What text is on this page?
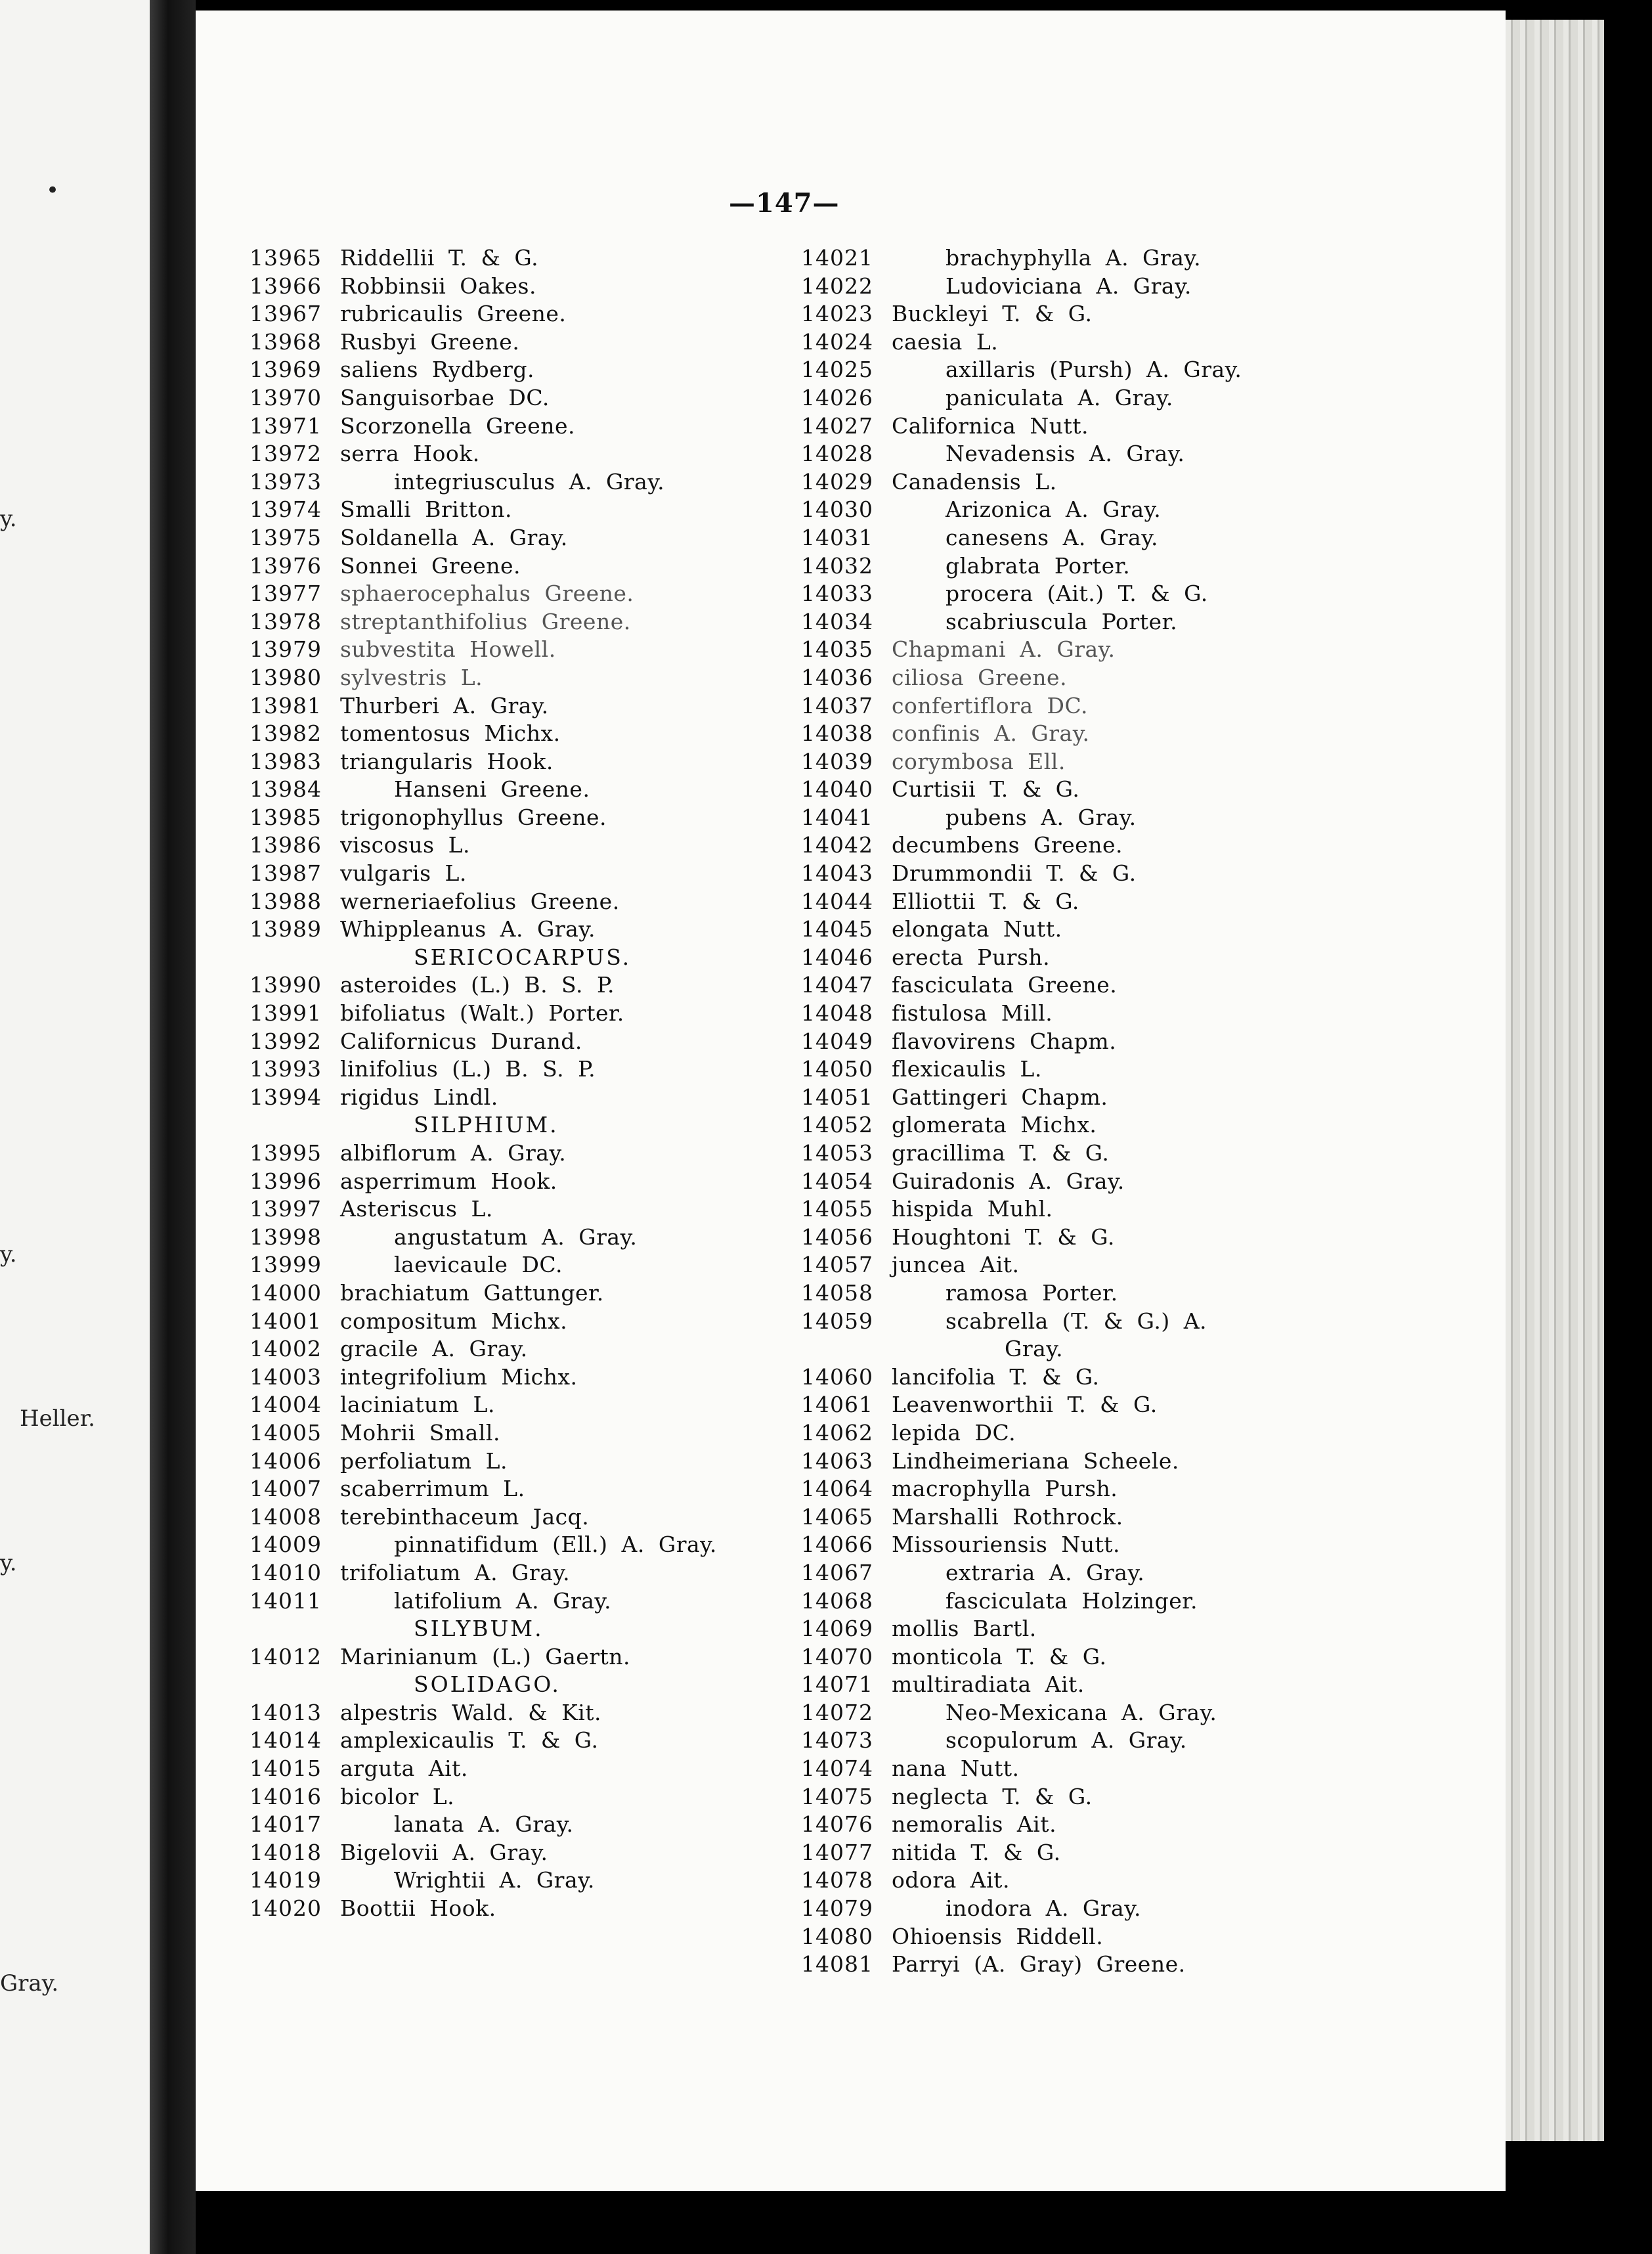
•
y.
y.
Heller.
y.
Gray.
—147—
13965 Riddellii T. & G.
13966 Robbinsii Oakes.
13967 rubricaulis Greene.
13968 Rusbyi Greene.
13969 saliens Rydberg.
13970 Sanguisorbae DC.
13971 Scorzonella Greene.
13972 serra Hook.
13973	integriusculus A. Gray.
13974 Smalli Britton.
13975 Soldanella A. Gray.
13976 Sonnei Greene.
13977 sphaerocephalus Greene.
13978 streptanthifolius Greene.
13979 subvestita Howell.
13980 sylvestris L.
13981 Thurberi A. Gray.
13982 tomentosus Michx.
13983 triangularis Hook.
13984	Hanseni Greene.
13985 trigonophyllus Greene.
13986 viscosus L.
13987 vulgaris L.
13988 werneriaefolius Greene.
13989 Whippleanus A. Gray.
SERICOCARPUS.
13990 asteroides (L.) B. S. P.
13991 bifoliatus (Walt.) Porter.
13992 Californicus Durand.
13993 linifolius (L.) B. S. P.
13994 rigidus Lindl.
SILPHIUM.
13995 albiflorum A. Gray.
13996 asperrimum Hook.
13997 Asteriscus L.
13998	angustatum A. Gray.
13999	laevicaule DC.
14000 brachiatum Gattunger.
14001 compositum Michx.
14002 gracile A. Gray.
14003 integrifolium Michx.
14004 laciniatum L.
14005 Mohrii Small.
14006 perfoliatum L.
14007 scaberrimum L.
14008 terebinthaceum Jacq.
14009	pinnatifidum (Ell.) A. Gray.
14010 trifoliatum A. Gray.
14011	latifolium A. Gray.
SILYBUM.
14012 Marinianum (L.) Gaertn.
SOLIDAGO.
14013 alpestris Wald. & Kit.
14014 amplexicaulis T. & G.
14015 arguta Ait.
14016 bicolor L.
14017	lanata A. Gray.
14018 Bigelovii A. Gray.
14019	Wrightii A. Gray.
14020 Boottii Hook.
14021	brachyphylla A. Gray.
14022	Ludoviciana A. Gray.
14023 Buckleyi T. & G.
14024 caesia L.
14025	axillaris (Pursh) A. Gray.
14026	paniculata A. Gray.
14027 Californica Nutt.
14028	Nevadensis A. Gray.
14029 Canadensis L.
14030	Arizonica A. Gray.
14031	canesens A. Gray.
14032	glabrata Porter.
14033	procera (Ait.) T. & G.
14034	scabriuscula Porter.
14035 Chapmani A. Gray.
14036 ciliosa Greene.
14037 confertiflora DC.
14038 confinis A. Gray.
14039 corymbosa Ell.
14040 Curtisii T. & G.
14041	pubens A. Gray.
14042 decumbens Greene.
14043 Drummondii T. & G.
14044 Elliottii T. & G.
14045 elongata Nutt.
14046 erecta Pursh.
14047 fasciculata Greene.
14048 fistulosa Mill.
14049 flavovirens Chapm.
14050 flexicaulis L.
14051 Gattingeri Chapm.
14052 glomerata Michx.
14053 gracillima T. & G.
14054 Guiradonis A. Gray.
14055 hispida Muhl.
14056 Houghtoni T. & G.
14057 juncea Ait.
14058	ramosa Porter.
14059	scabrella (T. & G.) A.
Gray.
14060 lancifolia T. & G.
14061 Leavenworthii T. & G.
14062 lepida DC.
14063 Lindheimeriana Scheele.
14064 macrophylla Pursh.
14065 Marshalli Rothrock.
14066 Missouriensis Nutt.
14067	extraria A. Gray.
14068	fasciculata Holzinger.
14069 mollis Bartl.
14070 monticola T. & G.
14071 multiradiata Ait.
14072	Neo-Mexicana A. Gray.
14073	scopulorum A. Gray.
14074 nana Nutt.
14075 neglecta T. & G.
14076 nemoralis Ait.
14077 nitida T. & G.
14078 odora Ait.
14079	inodora A. Gray.
14080 Ohioensis Riddell.
14081 Parryi (A. Gray) Greene.
